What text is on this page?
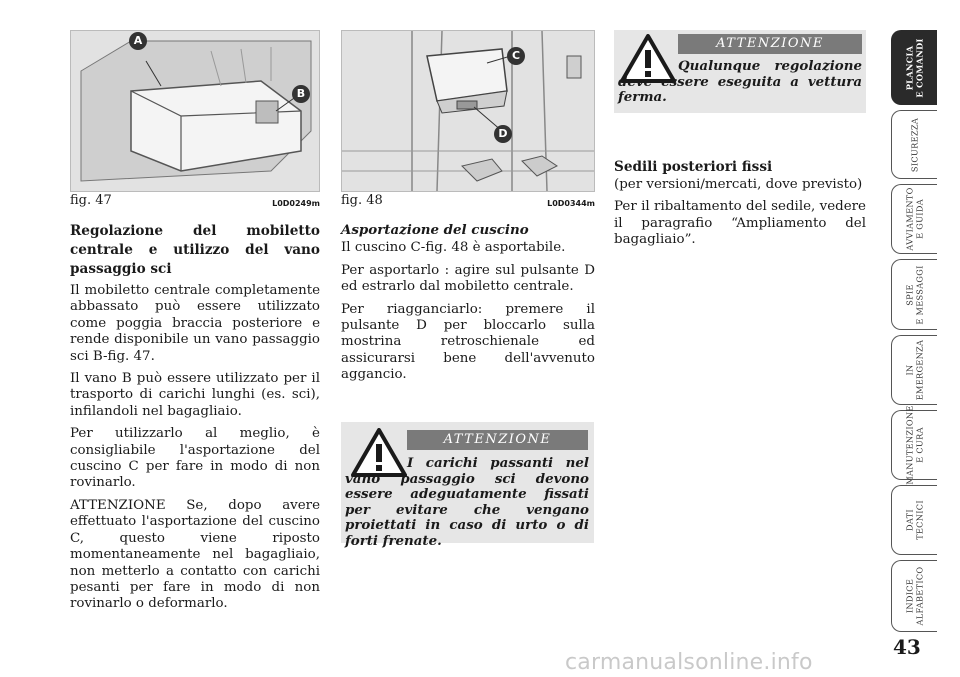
A
B
fig. 47	L0D0249m
C
D
fig. 48	L0D0344m
Regolazione del mobiletto centrale e utilizzo del vano passaggio sci

Il mobiletto centrale completamente abbassato può essere utilizzato come poggia braccia posteriore e rende disponibile un vano passaggio sci B-fig. 47.

Il vano B può essere utilizzato per il trasporto di carichi lunghi (es. sci), infilandoli nel bagagliaio.

Per utilizzarlo al meglio, è consigliabile l'asportazione del cuscino C per fare in modo di non rovinarlo.

ATTENZIONE Se, dopo avere effettuato l'asportazione del cuscino C, questo viene riposto momentaneamente nel bagagliaio, non metterlo a contatto con carichi pesanti per fare in modo di non rovinarlo o deformarlo.

Asportazione del cuscino

Il cuscino C-fig. 48 è asportabile.

Per asportarlo : agire sul pulsante D ed estrarlo dal mobiletto centrale.

Per riagganciarlo: premere il pulsante D per bloccarlo sulla mostrina retroschienale ed assicurarsi bene dell'avvenuto aggancio.

ATTENZIONE
I carichi passanti nel vano passaggio sci devono essere adeguatamente fissati per evitare che vengano proiettati in caso di urto o di forti frenate.
ATTENZIONE
Qualunque regolazione deve essere eseguita a vettura ferma.
Sedili posteriori fissi

(per versioni/mercati, dove previsto)

Per il ribaltamento del sedile, vedere il paragrafio “Ampliamento del bagagliaio”.

PLANCIA
E COMANDI
SICUREZZA
AVVIAMENTO
E GUIDA
SPIE
E MESSAGGI
IN
EMERGENZA
MANUTENZIONE
E CURA
DATI
TECNICI
INDICE
ALFABETICO
43
carmanualsonline.info
